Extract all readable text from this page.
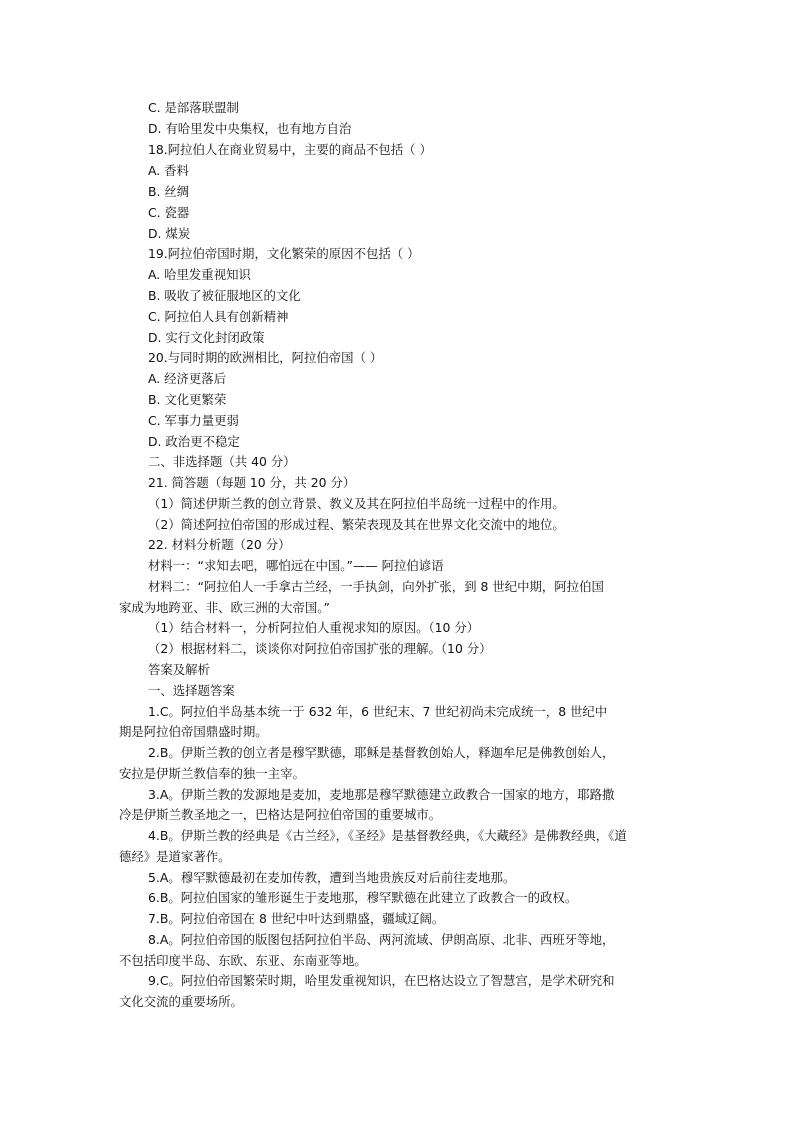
C. 是部落联盟制
D. 有哈里发中央集权，也有地方自治
18.阿拉伯人在商业贸易中，主要的商品不包括（ ）
A. 香料
B. 丝绸
C. 瓷器
D. 煤炭
19.阿拉伯帝国时期，文化繁荣的原因不包括（ ）
A. 哈里发重视知识
B. 吸收了被征服地区的文化
C. 阿拉伯人具有创新精神
D. 实行文化封闭政策
20.与同时期的欧洲相比，阿拉伯帝国（ ）
A. 经济更落后
B. 文化更繁荣
C. 军事力量更弱
D. 政治更不稳定
二、非选择题（共 40 分）
21. 简答题（每题 10 分，共 20 分）
（1）简述伊斯兰教的创立背景、教义及其在阿拉伯半岛统一过程中的作用。
（2）简述阿拉伯帝国的形成过程、繁荣表现及其在世界文化交流中的地位。
22. 材料分析题（20 分）
材料一：“求知去吧，哪怕远在中国。”—— 阿拉伯谚语
材料二：“阿拉伯人一手拿古兰经，一手执剑，向外扩张，到 8 世纪中期，阿拉伯国
家成为地跨亚、非、欧三洲的大帝国。”
（1）结合材料一，分析阿拉伯人重视求知的原因。（10 分）
（2）根据材料二，谈谈你对阿拉伯帝国扩张的理解。（10 分）
答案及解析
一、选择题答案
1.C。阿拉伯半岛基本统一于 632 年，6 世纪末、7 世纪初尚未完成统一，8 世纪中
期是阿拉伯帝国鼎盛时期。
2.B。伊斯兰教的创立者是穆罕默德，耶稣是基督教创始人，释迦牟尼是佛教创始人，
安拉是伊斯兰教信奉的独一主宰。
3.A。伊斯兰教的发源地是麦加，麦地那是穆罕默德建立政教合一国家的地方，耶路撒
冷是伊斯兰教圣地之一，巴格达是阿拉伯帝国的重要城市。
4.B。伊斯兰教的经典是《古兰经》，《圣经》是基督教经典，《大藏经》是佛教经典，《道
德经》是道家著作。
5.A。穆罕默德最初在麦加传教，遭到当地贵族反对后前往麦地那。
6.B。阿拉伯国家的雏形诞生于麦地那，穆罕默德在此建立了政教合一的政权。
7.B。阿拉伯帝国在 8 世纪中叶达到鼎盛，疆域辽阔。
8.A。阿拉伯帝国的版图包括阿拉伯半岛、两河流域、伊朗高原、北非、西班牙等地，
不包括印度半岛、东欧、东亚、东南亚等地。
9.C。阿拉伯帝国繁荣时期，哈里发重视知识，在巴格达设立了智慧宫，是学术研究和
文化交流的重要场所。
